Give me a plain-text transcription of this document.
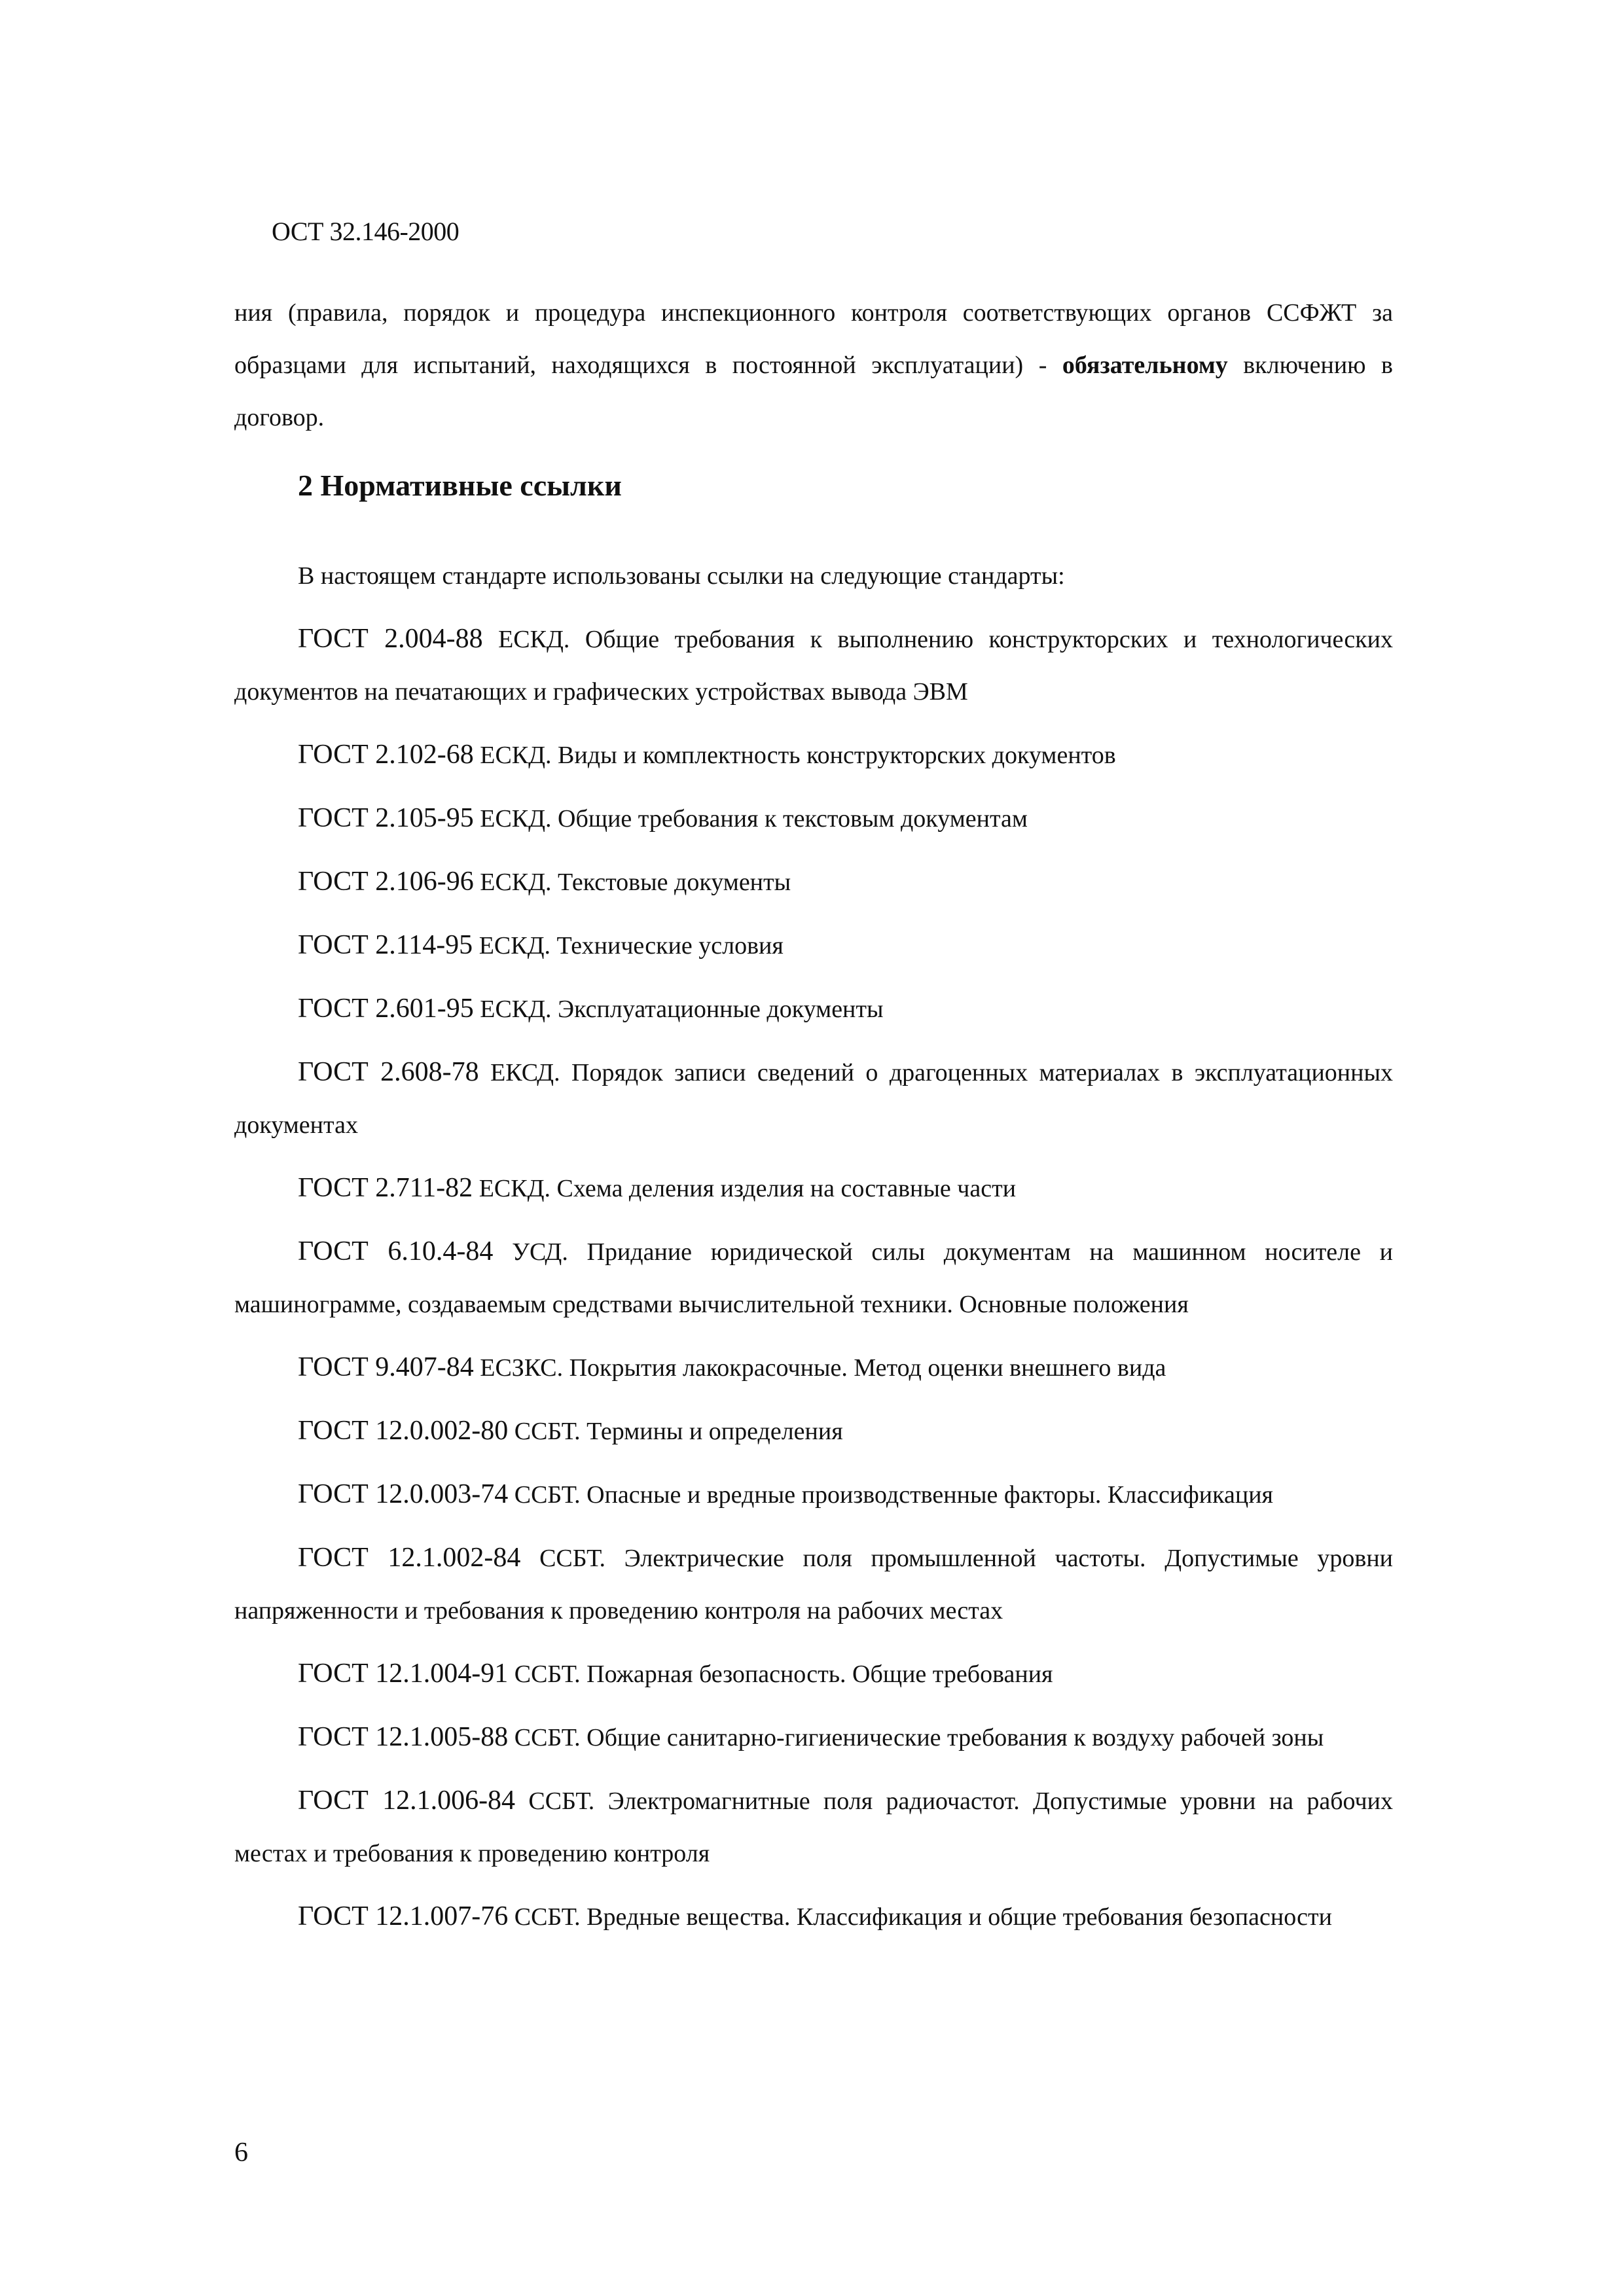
ОСТ 32.146-2000
ния (правила, порядок и процедура инспекционного контроля соответствующих органов ССФЖТ за образцами для испытаний, находящихся в постоянной эксплуатации) - обязательному включению в договор.
2 Нормативные ссылки

В настоящем стандарте использованы ссылки на следующие стандарты:

ГОСТ 2.004-88 ЕСКД. Общие требования к выполнению конструкторских и технологических документов на печатающих и графических устройствах вывода ЭВМ

ГОСТ 2.102-68 ЕСКД. Виды и комплектность конструкторских документов

ГОСТ 2.105-95 ЕСКД. Общие требования к текстовым документам

ГОСТ 2.106-96 ЕСКД. Текстовые документы

ГОСТ 2.114-95 ЕСКД. Технические условия

ГОСТ 2.601-95 ЕСКД. Эксплуатационные документы

ГОСТ 2.608-78 ЕКСД. Порядок записи сведений о драгоценных материалах в эксплуатационных документах

ГОСТ 2.711-82 ЕСКД. Схема деления изделия на составные части

ГОСТ 6.10.4-84 УСД. Придание юридической силы документам на машинном носителе и машинограмме, создаваемым средствами вычислительной техники. Основные положения

ГОСТ 9.407-84 ЕСЗКС. Покрытия лакокрасочные. Метод оценки внешнего вида

ГОСТ 12.0.002-80 ССБТ. Термины и определения

ГОСТ 12.0.003-74 ССБТ. Опасные и вредные производственные факторы. Классификация

ГОСТ 12.1.002-84 ССБТ. Электрические поля промышленной частоты. Допустимые уровни напряженности и требования к проведению контроля на рабочих местах

ГОСТ 12.1.004-91 ССБТ. Пожарная безопасность. Общие требования

ГОСТ 12.1.005-88 ССБТ. Общие санитарно-гигиенические требования к воздуху рабочей зоны

ГОСТ 12.1.006-84 ССБТ. Электромагнитные поля радиочастот. Допустимые уровни на рабочих местах и требования к проведению контроля

ГОСТ 12.1.007-76 ССБТ. Вредные вещества. Классификация и общие требования безопасности

6
